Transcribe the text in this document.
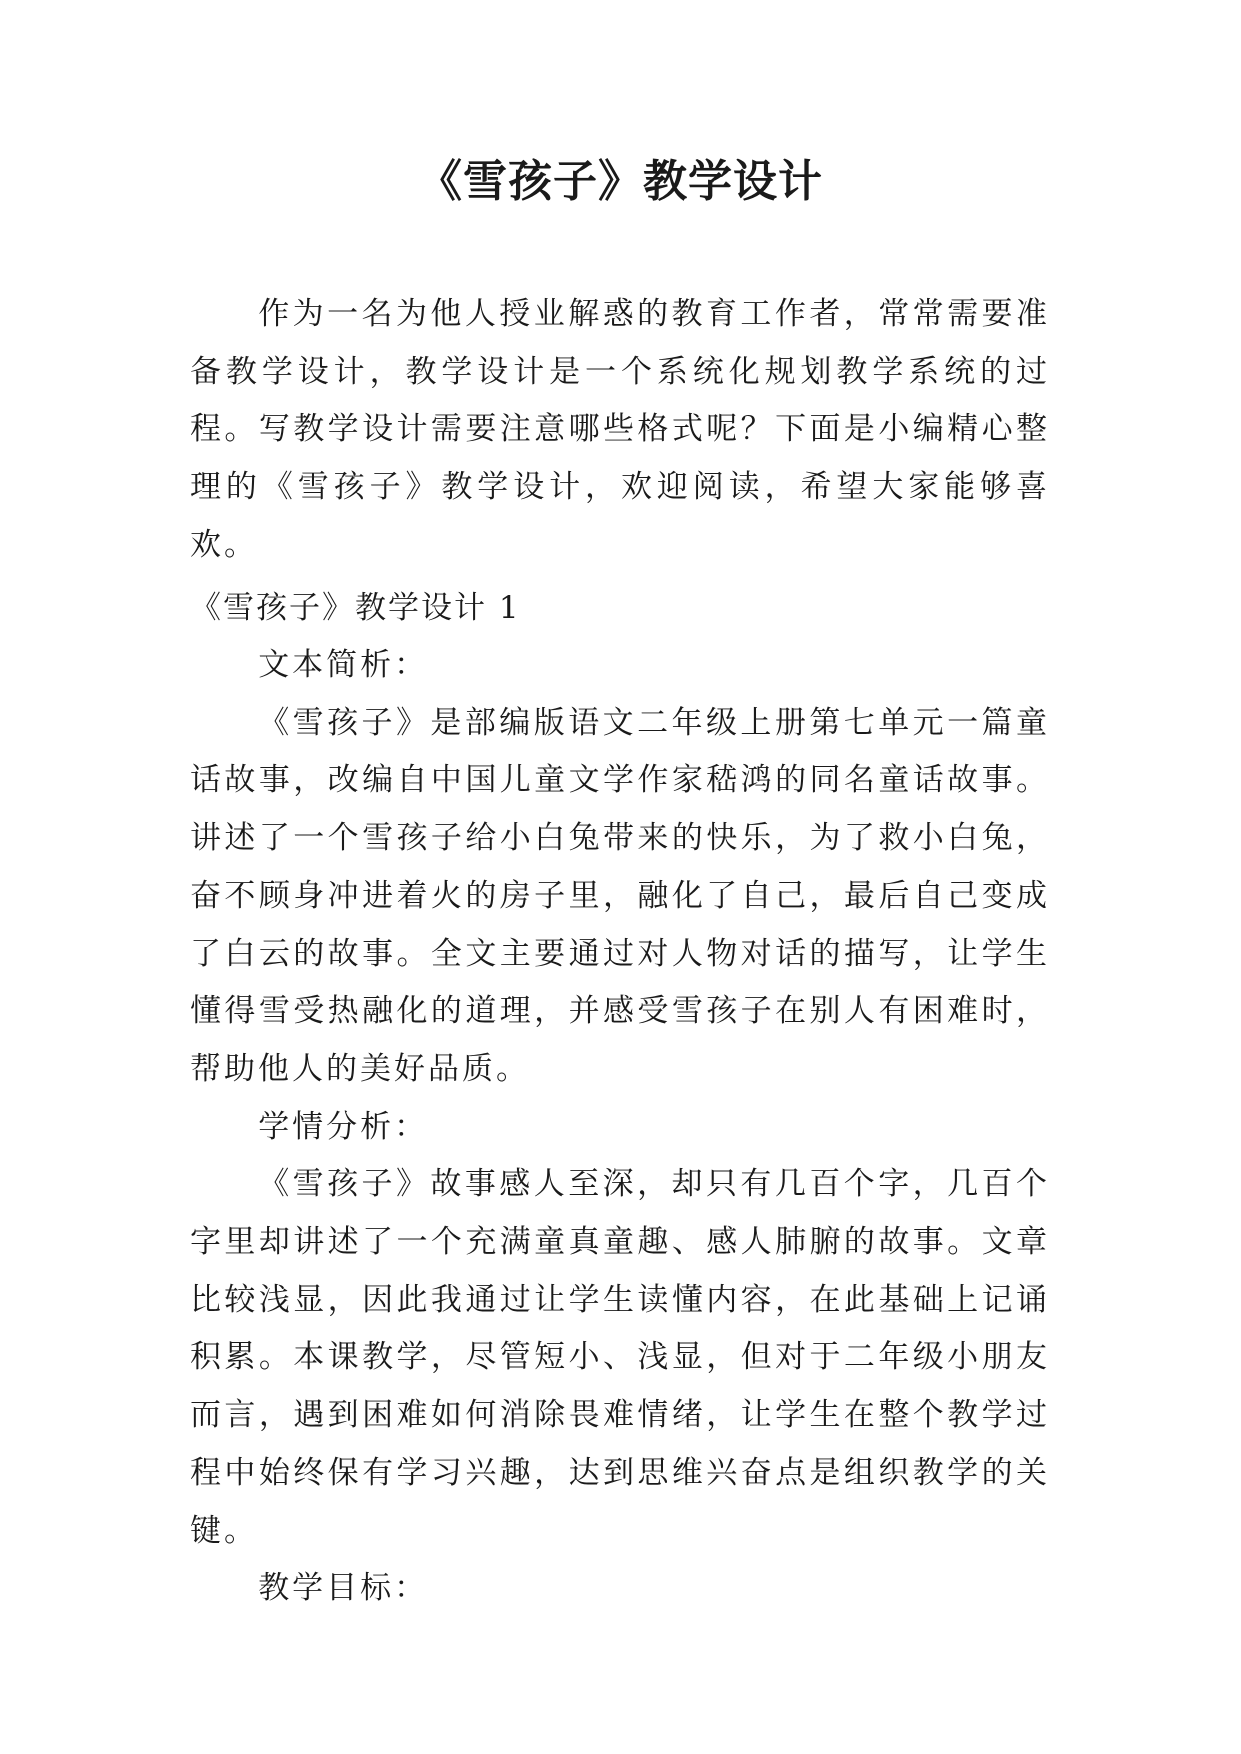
《雪孩子》教学设计

作为一名为他人授业解惑的教育工作者，常常需要准备教学设计，教学设计是一个系统化规划教学系统的过程。写教学设计需要注意哪些格式呢？下面是小编精心整理的《雪孩子》教学设计，欢迎阅读，希望大家能够喜欢。

《雪孩子》教学设计 1

文本简析：

《雪孩子》是部编版语文二年级上册第七单元一篇童话故事，改编自中国儿童文学作家嵇鸿的同名童话故事。讲述了一个雪孩子给小白兔带来的快乐，为了救小白兔，奋不顾身冲进着火的房子里，融化了自己，最后自己变成了白云的故事。全文主要通过对人物对话的描写，让学生懂得雪受热融化的道理，并感受雪孩子在别人有困难时，帮助他人的美好品质。

学情分析：

《雪孩子》故事感人至深，却只有几百个字，几百个字里却讲述了一个充满童真童趣、感人肺腑的故事。文章比较浅显，因此我通过让学生读懂内容，在此基础上记诵积累。本课教学，尽管短小、浅显，但对于二年级小朋友而言，遇到困难如何消除畏难情绪，让学生在整个教学过程中始终保有学习兴趣，达到思维兴奋点是组织教学的关键。

教学目标：
